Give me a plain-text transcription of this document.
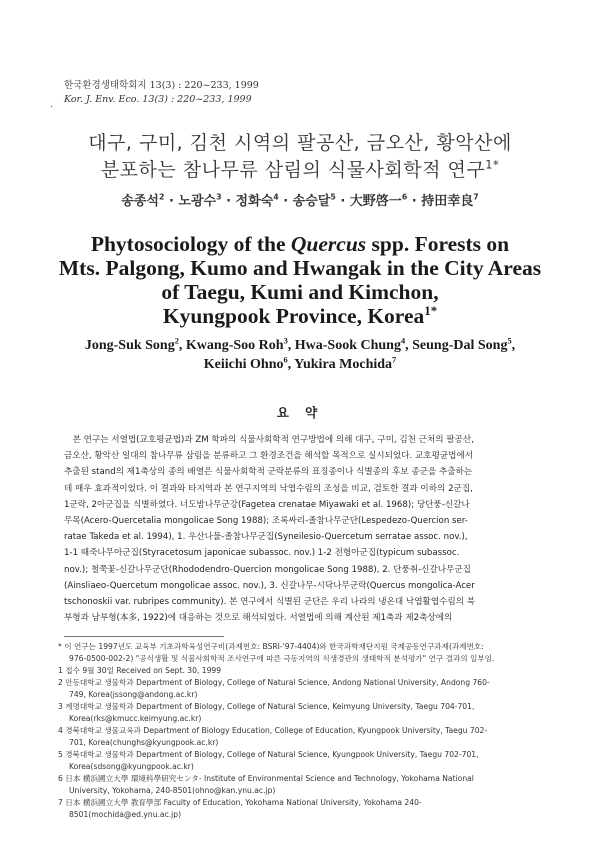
한국환경생태학회지 13(3) : 220~233, 1999
Kor. J. Env. Eco. 13(3) : 220~233, 1999
.
대구, 구미, 김천 시역의 팔공산, 금오산, 황악산에
분포하는 참나무류 삼림의 식물사회학적 연구$^{1*}$
송종석$^2$ · 노광수$^3$ · 정화숙$^4$ · 송승달$^5$ · 大野啓一$^6$ · 持田幸良$^7$
Phytosociology of the Quercus spp. Forests on
Mts. Palgong, Kumo and Hwangak in the City Areas
of Taegu, Kumi and Kimchon,
Kyungpook Province, Korea$^{1*}$
Jong-Suk Song$^2$, Kwang-Soo Roh$^3$, Hwa-Sook Chung$^4$, Seung-Dal Song$^5$,
Keiichi Ohno$^6$, Yukira Mochida$^7$
요 약
　본 연구는 서열법(교호평균법)과 ZM 학파의 식물사회학적 연구방법에 의해 대구, 구미, 김천 근처의 팔공산,
금오산, 황악산 일대의 참나무류 삼림을 분류하고 그 환경조건을 해석할 목적으로 실시되었다. 교호평균법에서
추출된 stand의 제1축상의 종의 배열은 식물사회학적 군락분류의 표징종이나 식별종의 후보 종군을 추출하는
데 매우 효과적이었다. 이 결과와 타지역과 본 연구지역의 낙엽수림의 조성을 비교, 검토한 결과 이하의 2군집,
1군락, 2아군집을 식별하였다. 너도밤나무군강(Fagetea crenatae Miyawaki et al. 1968); 당단풍-신갈나
무목(Acero-Quercetalia mongolicae Song 1988); 조록싸리-졸참나무군단(Lespedezo-Quercion ser-
ratae Takeda et al. 1994), 1. 우산나물-졸참나무군집(Syneilesio-Quercetum serratae assoc. nov.),
1-1 때죽나무아군집(Styracetosum japonicae subassoc. nov.) 1-2 전형아군집(typicum subassoc.
nov.); 철쭉꽃-신갈나무군단(Rhododendro-Quercion mongolicae Song 1988), 2. 단풍취-신갈나무군집
(Ainsliaeo-Quercetum mongolicae assoc. nov.), 3. 신갈나무-시닥나무군락(Quercus mongolica-Acer
tschonoskii var. rubripes community). 본 연구에서 식별된 군단은 우리 나라의 냉온대 낙엽활엽수림의 북
부형과 남부형(本多, 1922)에 대응하는 것으로 해석되었다. 서열법에 의해 계산된 제1축과 제2축상에의
* 이 연구는 1997년도 교육부 기초과학육성연구비(과제번호: BSRI-'97-4404)와 한국과학재단지원 국제공동연구과제(과제번호:
976-0500-002-2) "공식생활 및 식물사회학적 조사연구에 따른 극동지역의 식생경관의 생태학적 분석평가" 연구 결과의 일부임.
1 접수 9월 30일 Received on Sept. 30, 1999
2 안동대학교 생물학과 Department of Biology, College of Natural Science, Andong National University, Andong 760-
749, Korea(jssong@andong.ac.kr)
3 계명대학교 생물학과 Department of Biology, College of Natural Science, Keimyung University, Taegu 704-701,
Korea(rks@kmucc.keimyung.ac.kr)
4 경북대학교 생물교육과 Department of Biology Education, College of Education, Kyungpook University, Taegu 702-
701, Korea(chunghs@kyungpook.ac.kr)
5 경북대학교 생물학과 Department of Biology, College of Natural Science, Kyungpook University, Taegu 702-701,
Korea(sdsong@kyungpook.ac.kr)
6 日本 横浜國立大學 環境科學研究センタ- Institute of Environmental Science and Technology, Yokohama National
University, Yokohama, 240-8501(ohno@kan.ynu.ac.jp)
7 日本 横浜國立大學 教育學部 Faculty of Education, Yokohama National University, Yokohama 240-
8501(mochida@ed.ynu.ac.jp)
